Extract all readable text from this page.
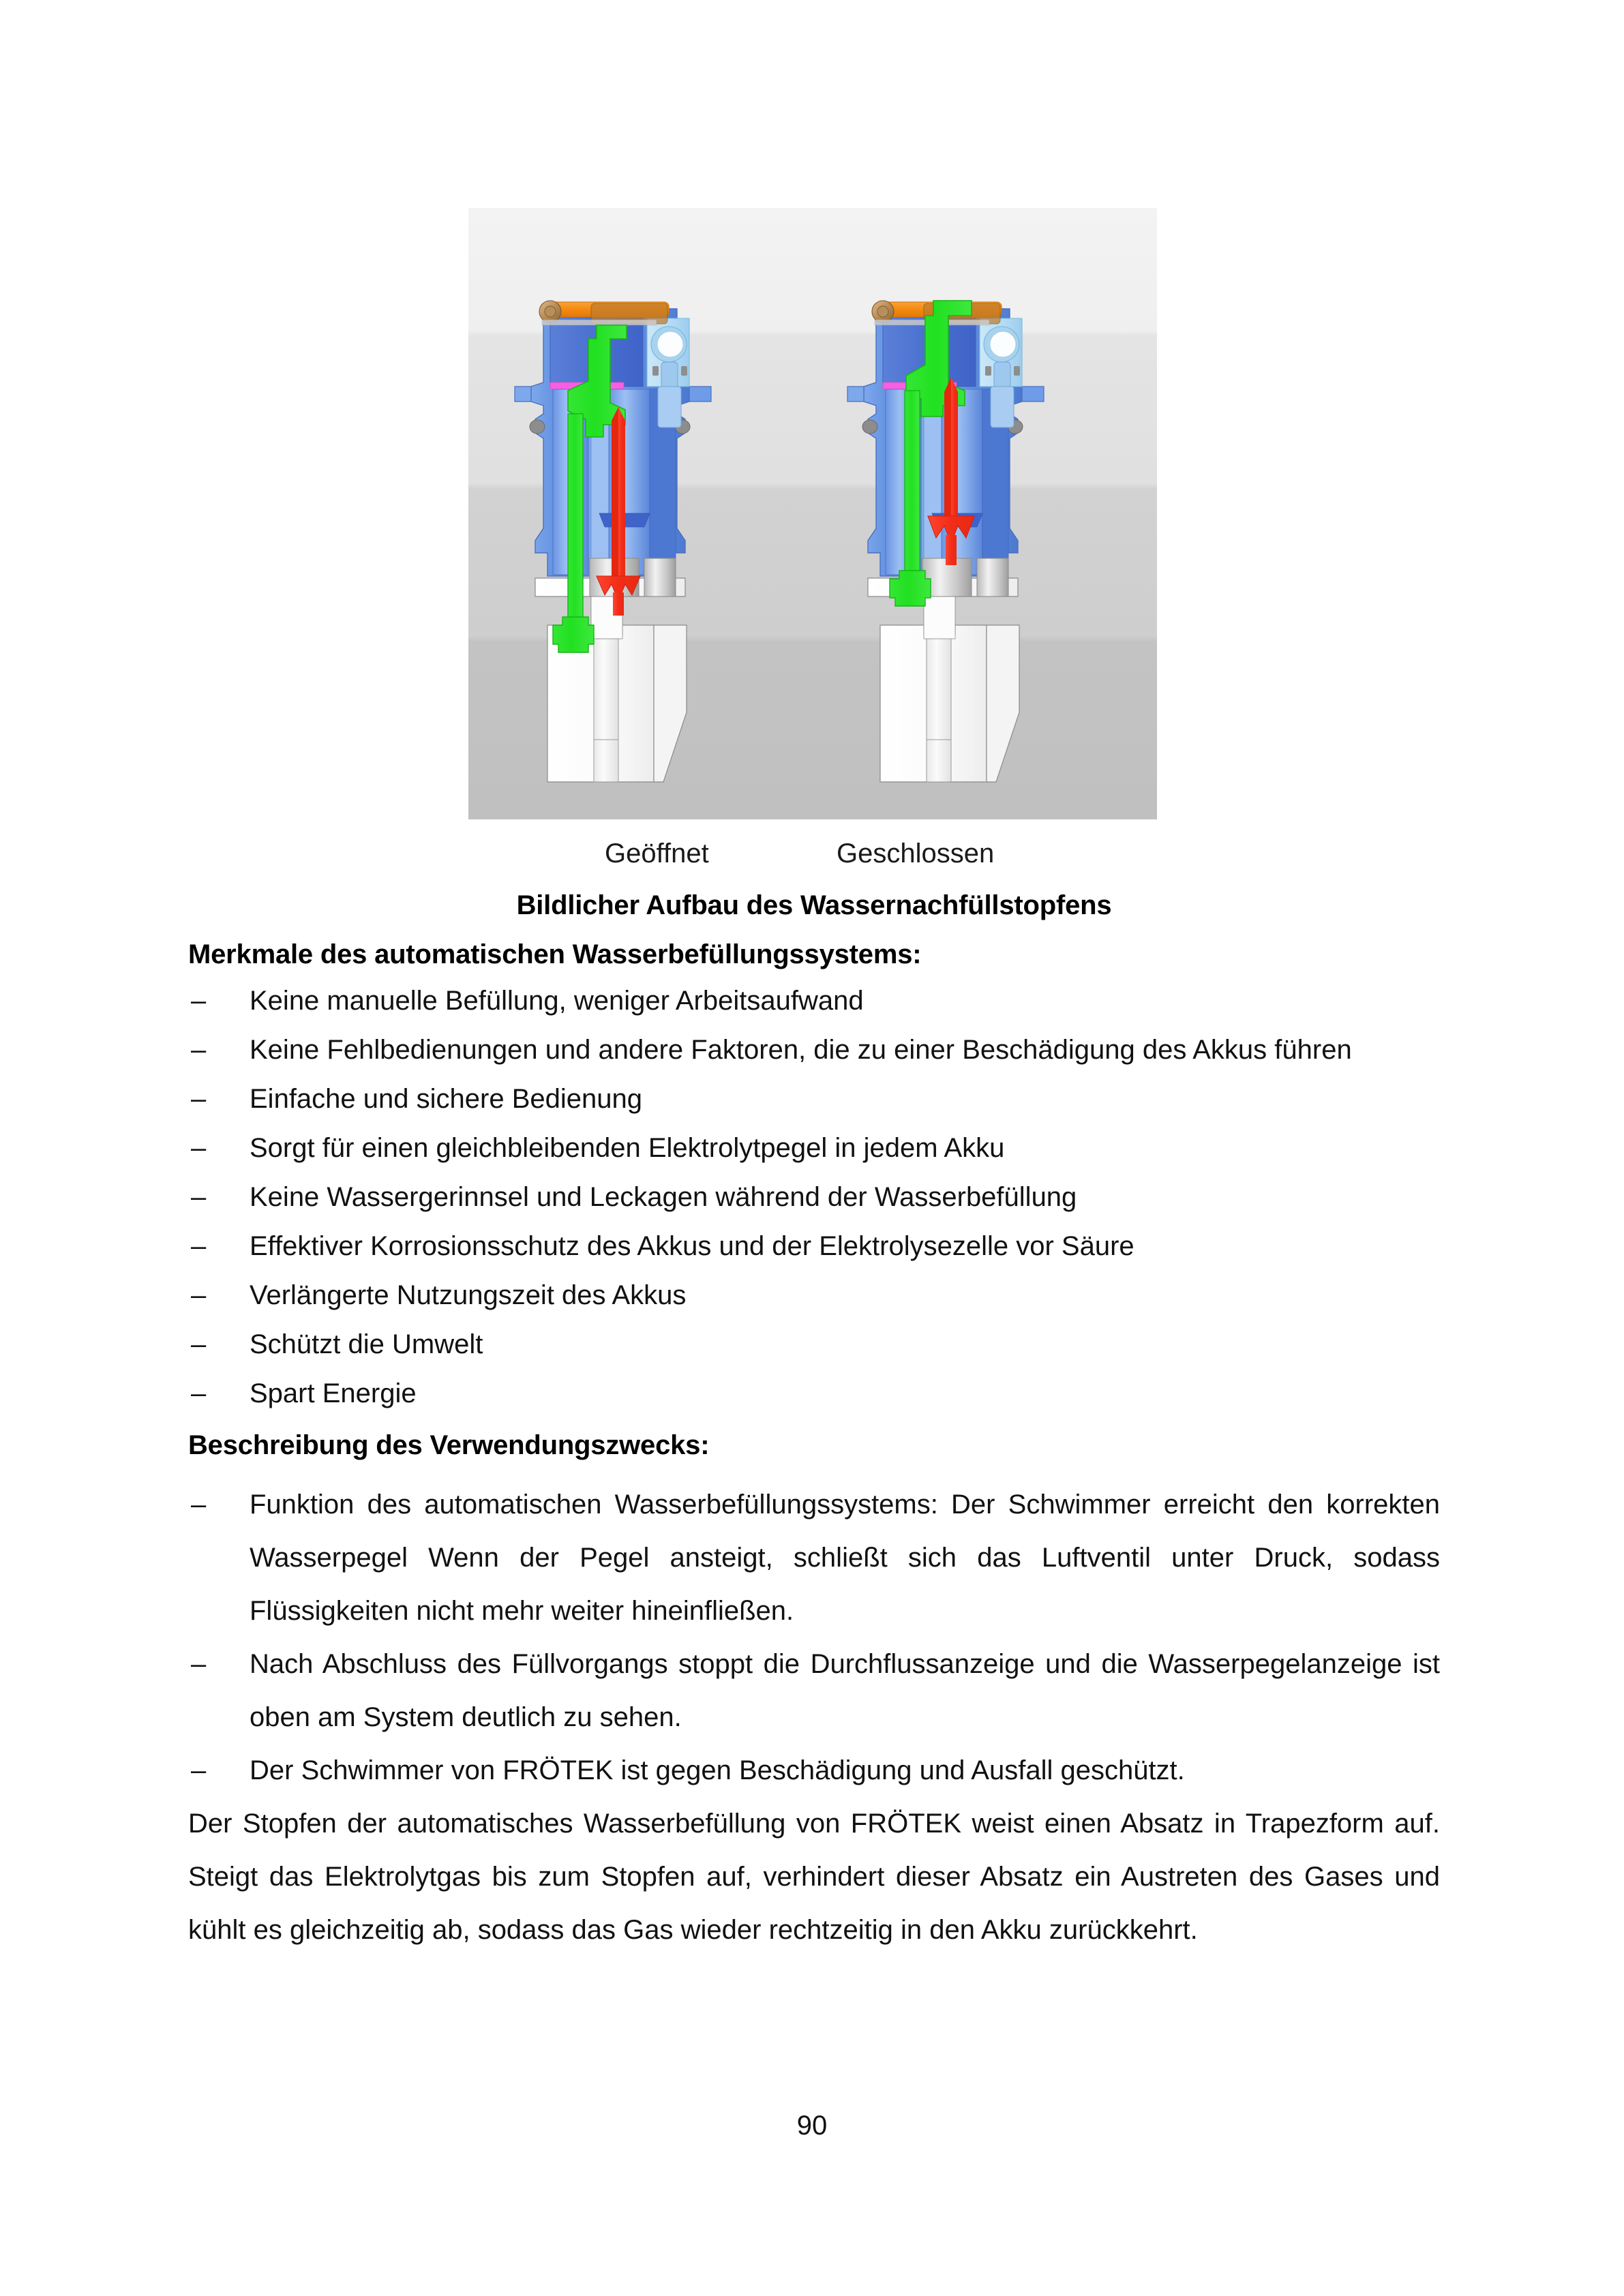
Geöffnet	Geschlossen
Bildlicher Aufbau des Wassernachfüllstopfens
Merkmale des automatischen Wasserbefüllungssystems:
–	Keine manuelle Befüllung, weniger Arbeitsaufwand
–	Keine Fehlbedienungen und andere Faktoren, die zu einer Beschädigung des Akkus führen
–	Einfache und sichere Bedienung
–	Sorgt für einen gleichbleibenden Elektrolytpegel in jedem Akku
–	Keine Wassergerinnsel und Leckagen während der Wasserbefüllung
–	Effektiver Korrosionsschutz des Akkus und der Elektrolysezelle vor Säure
–	Verlängerte Nutzungszeit des Akkus
–	Schützt die Umwelt
–	Spart Energie
Beschreibung des Verwendungszwecks:
–	Funktion des automatischen Wasserbefüllungssystems: Der Schwimmer erreicht den korrekten Wasserpegel Wenn der Pegel ansteigt, schließt sich das Luftventil unter Druck, sodass Flüssigkeiten nicht mehr weiter hineinfließen.
–	Nach Abschluss des Füllvorgangs stoppt die Durchflussanzeige und die Wasserpegelanzeige ist oben am System deutlich zu sehen.
–	Der Schwimmer von FRÖTEK ist gegen Beschädigung und Ausfall geschützt.
Der Stopfen der automatisches Wasserbefüllung von FRÖTEK weist einen Absatz in Trapezform auf. Steigt das Elektrolytgas bis zum Stopfen auf, verhindert dieser Absatz ein Austreten des Gases und kühlt es gleichzeitig ab, sodass das Gas wieder rechtzeitig in den Akku zurückkehrt.
90
